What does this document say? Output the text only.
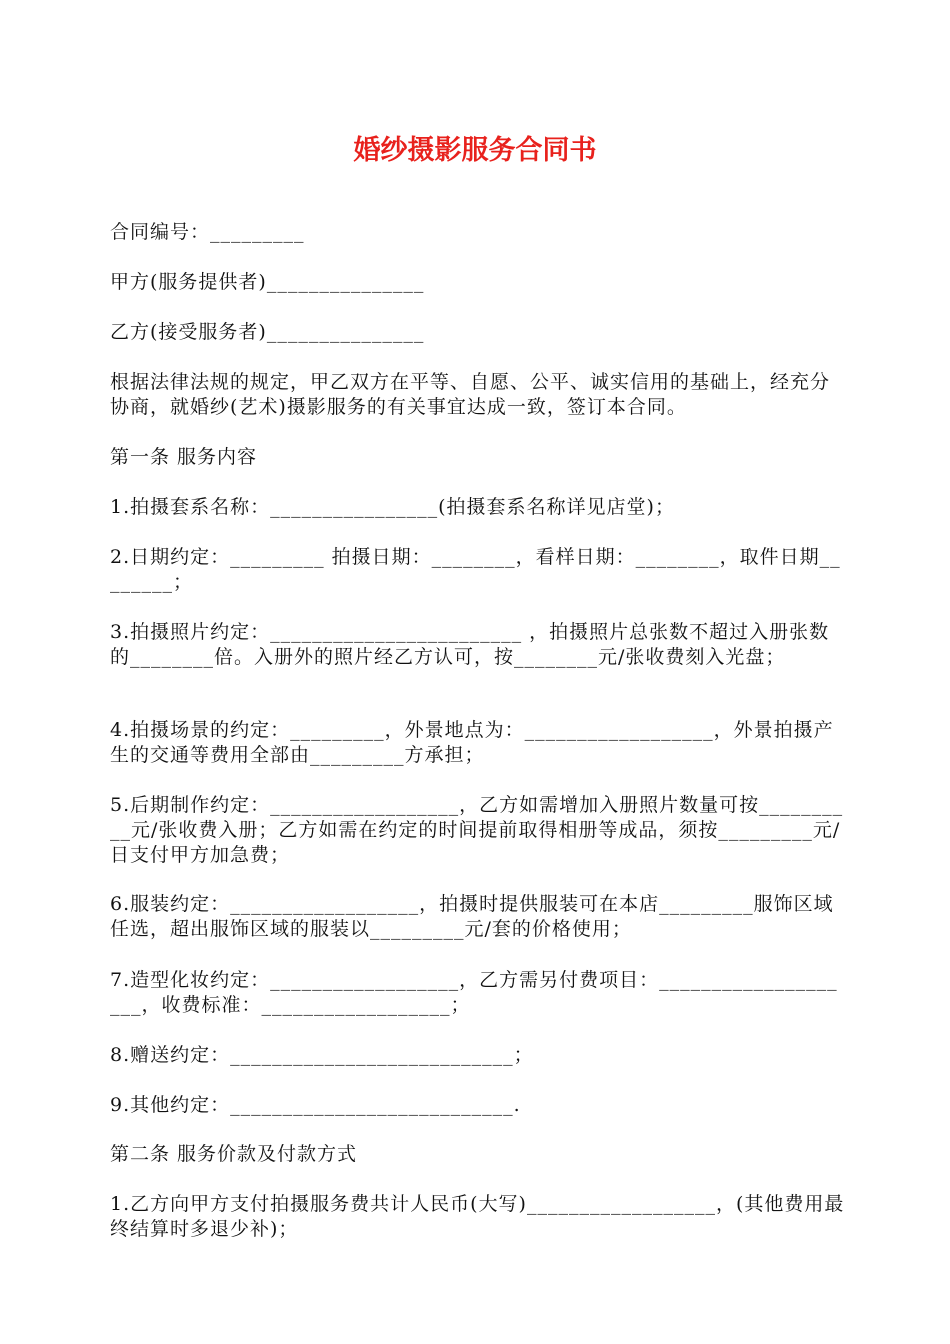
婚纱摄影服务合同书
合同编号：_________
甲方(服务提供者)_______________
乙方(接受服务者)_______________
根据法律法规的规定，甲乙双方在平等、自愿、公平、诚实信用的基础上，经充分协商，就婚纱(艺术)摄影服务的有关事宜达成一致，签订本合同。
第一条 服务内容
1.拍摄套系名称：________________(拍摄套系名称详见店堂)；
2.日期约定：_________ 拍摄日期：________，看样日期：________，取件日期________；
3.拍摄照片约定：________________________ ，拍摄照片总张数不超过入册张数的________倍。入册外的照片经乙方认可，按________元/张收费刻入光盘；
4.拍摄场景的约定：_________，外景地点为：__________________，外景拍摄产生的交通等费用全部由_________方承担；
5.后期制作约定：__________________，乙方如需增加入册照片数量可按__________元/张收费入册；乙方如需在约定的时间提前取得相册等成品，须按_________元/日支付甲方加急费；
6.服装约定：__________________，拍摄时提供服装可在本店_________服饰区域任选，超出服饰区域的服装以_________元/套的价格使用；
7.造型化妆约定：__________________，乙方需另付费项目：____________________，收费标准：__________________；
8.赠送约定：___________________________；
9.其他约定：___________________________.
第二条 服务价款及付款方式
1.乙方向甲方支付拍摄服务费共计人民币(大写)__________________，(其他费用最终结算时多退少补)；
